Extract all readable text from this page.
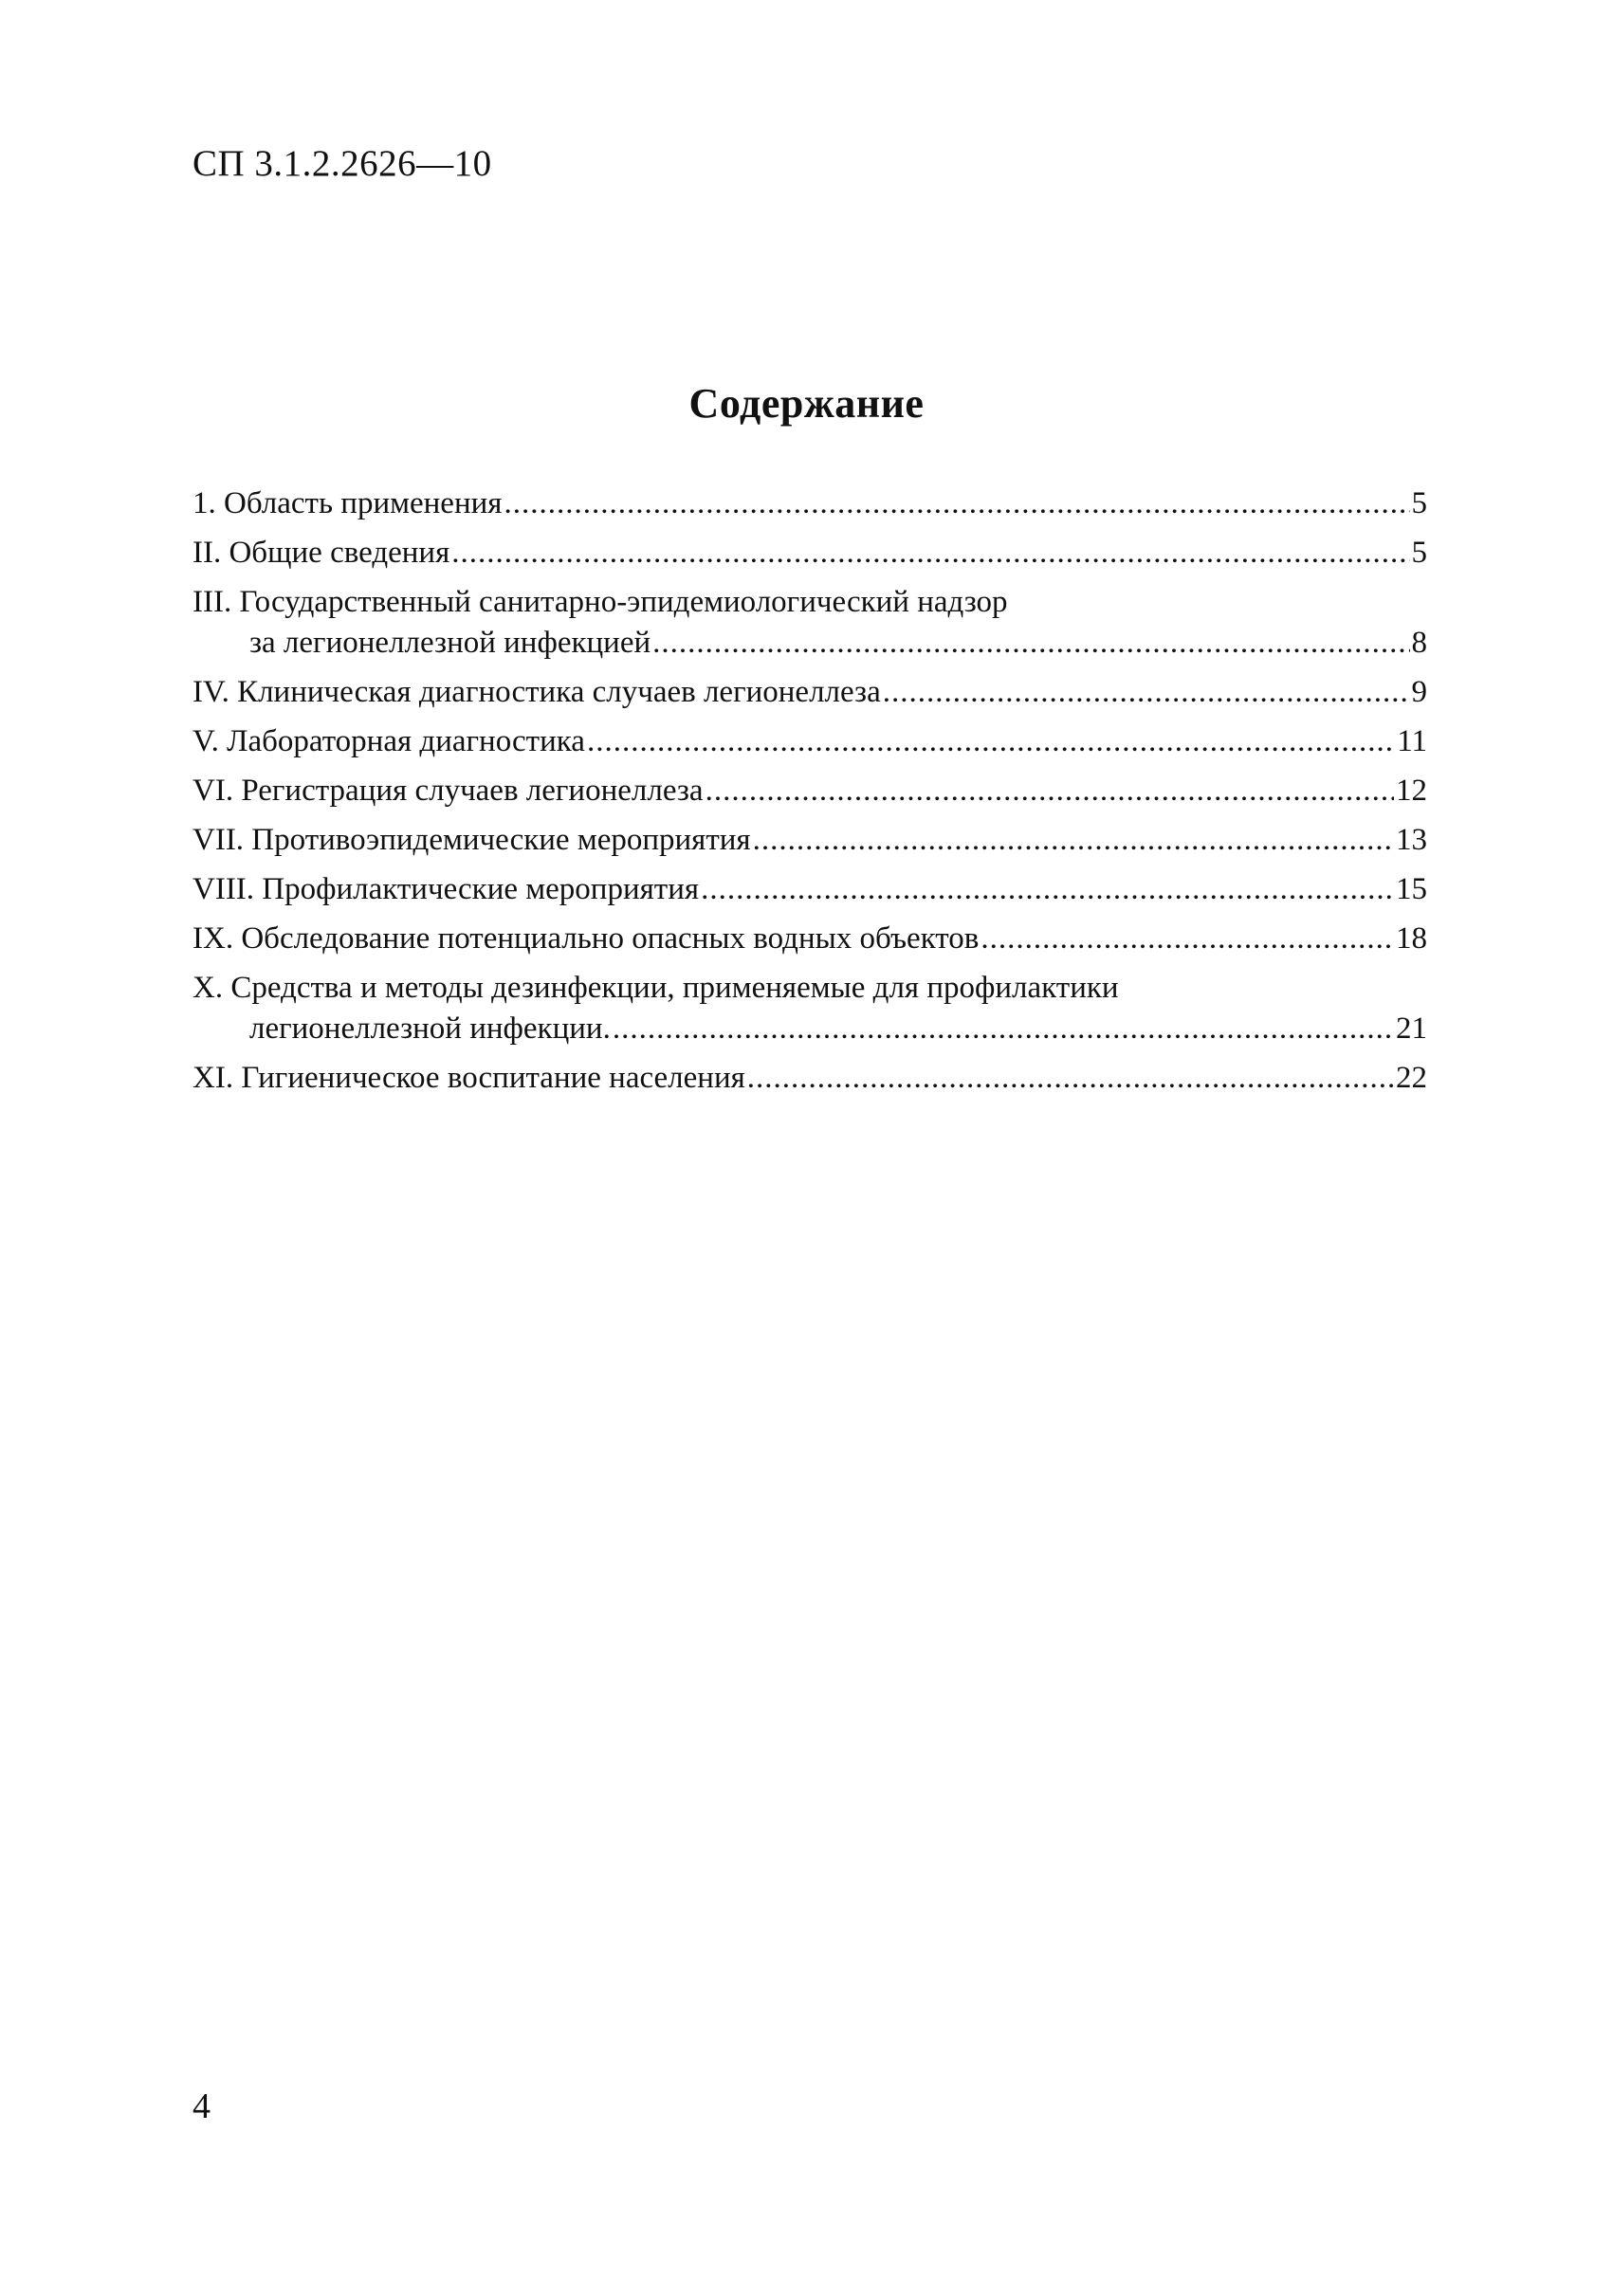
СП 3.1.2.2626—10
Содержание
1. Область применения .....	5
II. Общие сведения .....	5
III. Государственный санитарно-эпидемиологический надзор
за легионеллезной инфекцией .....	8
IV. Клиническая диагностика случаев легионеллеза .....	9
V. Лабораторная диагностика .....	11
VI. Регистрация случаев легионеллеза .....	12
VII. Противоэпидемические мероприятия .....	13
VIII. Профилактические мероприятия .....	15
IX. Обследование потенциально опасных водных объектов .....	18
X. Средства и методы дезинфекции, применяемые для профилактики
легионеллезной инфекции. .....	21
XI. Гигиеническое воспитание населения .....	22
4
